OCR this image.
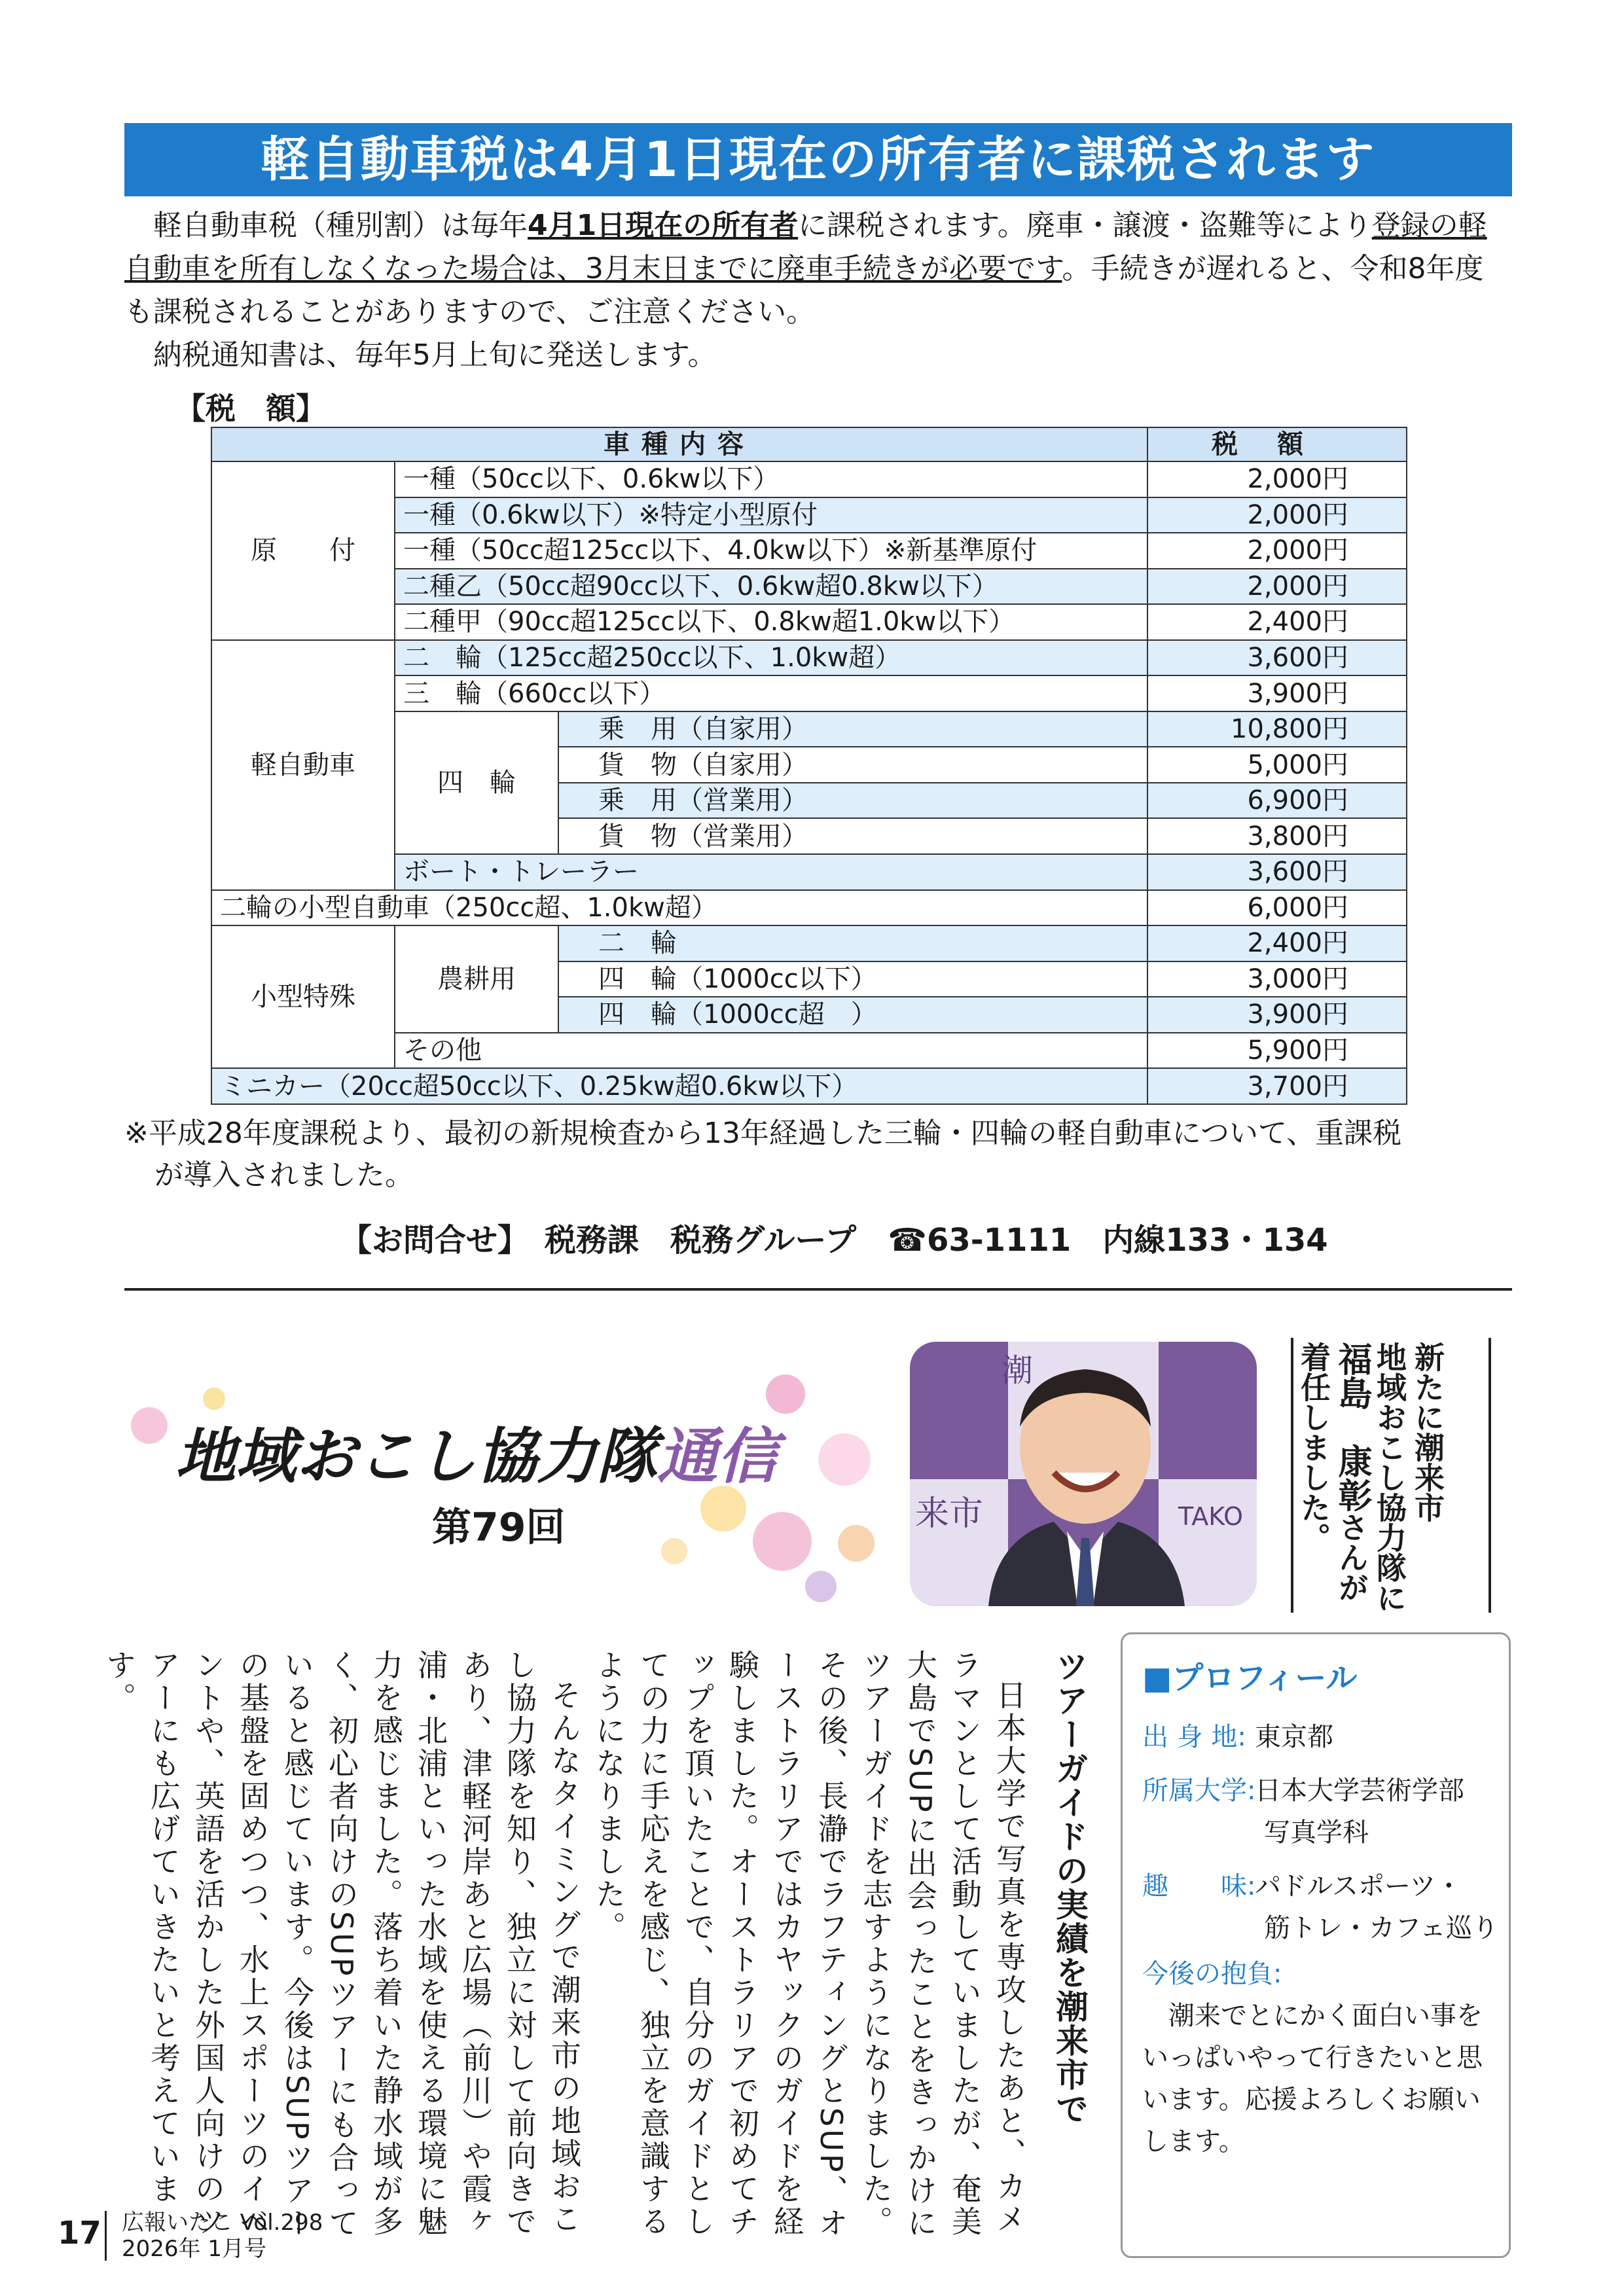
軽自動車税は4月1日現在の所有者に課税されます

軽自動車税（種別割）は毎年4月1日現在の所有者に課税されます。廃車・譲渡・盗難等により登録の軽自動車を所有しなくなった場合は、3月末日までに廃車手続きが必要です。手続きが遅れると、令和8年度も課税されることがありますので、ご注意ください。

納税通知書は、毎年5月上旬に発送します。

【税　額】
車種内容			税額
原　　付	一種（50cc以下、0.6kw以下）		2,000円
	一種（0.6kw以下）※特定小型原付		2,000円
	一種（50cc超125cc以下、4.0kw以下）※新基準原付		2,000円
	二種乙（50cc超90cc以下、0.6kw超0.8kw以下）		2,000円
	二種甲（90cc超125cc以下、0.8kw超1.0kw以下）		2,400円
軽自動車	二　輪（125cc超250cc以下、1.0kw超）		3,600円
	三　輪（660cc以下）		3,900円
	四　輪	乗　用（自家用）	10,800円
		貨　物（自家用）	5,000円
		乗　用（営業用）	6,900円
		貨　物（営業用）	3,800円
	ボート・トレーラー		3,600円
二輪の小型自動車（250cc超、1.0kw超）			6,000円
小型特殊	農耕用	二　輪	2,400円
		四　輪（1000cc以下）	3,000円
		四　輪（1000cc超　）	3,900円
	その他		5,900円
ミニカー（20cc超50cc以下、0.25kw超0.6kw以下）			3,700円
※平成28年度課税より、最初の新規検査から13年経過した三輪・四輪の軽自動車について、重課税
が導入されました。
【お問合せ】　税務課　税務グループ　☎63-1111　内線133・134
地域おこし協力隊通信
第79回
潮
来市	TAKO	新たに潮来市
地域おこし協力隊に
福島　康彰さんが
着任しました。
ツアーガイドの実績を潮来市で

日本大学で写真を専攻したあと、カメラマンとして活動していましたが、奄美大島でSUPに出会ったことをきっかけにツアーガイドを志すようになりました。その後、長瀞でラフティングとSUP、オーストラリアではカヤックのガイドを経験しました。オーストラリアで初めてチップを頂いたことで、自分のガイドとしての力に手応えを感じ、独立を意識するようになりました。

そんなタイミングで潮来市の地域おこし協力隊を知り、独立に対して前向きであり、津軽河岸あと広場（前川）や霞ヶ浦・北浦といった水域を使える環境に魅力を感じました。落ち着いた静水域が多く、初心者向けのSUPツアーにも合っていると感じています。今後はSUPツアーの基盤を固めつつ、水上スポーツのイベントや、英語を活かした外国人向けのツアーにも広げていきたいと考えています。	■プロフィール
出 身 地: 東京都
所属大学:日本大学芸術学部
写真学科
趣　　味:パドルスポーツ・
筋トレ・カフェ巡り
今後の抱負:
潮来でとにかく面白い事をいっぱいやって行きたいと思います。応援よろしくお願いします。
17 広報いたこ Vol.298
2026年 1月号
